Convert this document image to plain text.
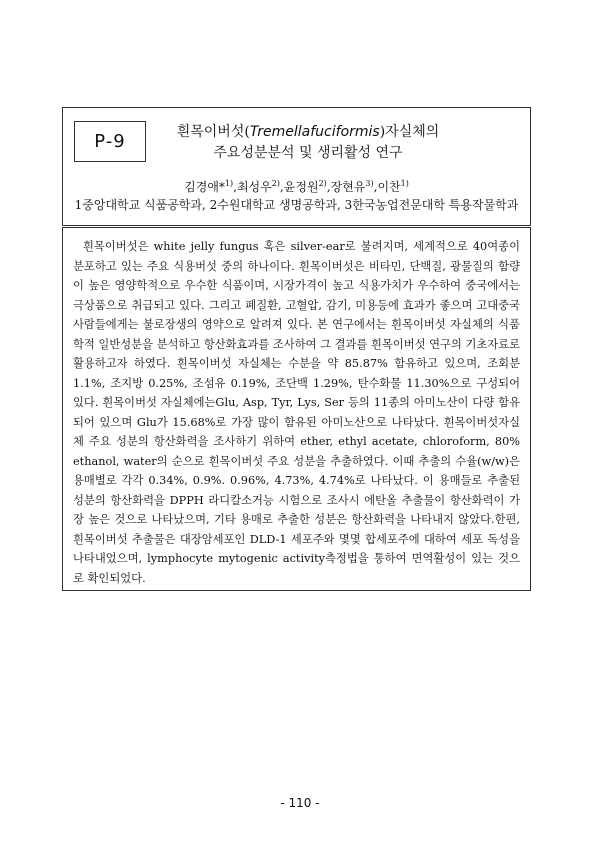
P-9	흰목이버섯(Tremellafuciformis)자실체의
주요성분분석 및 생리활성 연구
김경애*$^{1)}$,최성우$^{2)}$,윤정원$^{2)}$,장현유$^{3)}$,이찬$^{1)}$
1중앙대학교 식품공학과, 2수원대학교 생명공학과, 3한국농업전문대학 특용작물학과

흰목이버섯은 white jelly fungus 혹은 silver-ear로 불려지며, 세계적으로 40여종이 분포하고 있는 주요 식용버섯 중의 하나이다. 흰목이버섯은 비타민, 단백질, 광물질의 함량이 높은 영양학적으로 우수한 식품이며, 시장가격이 높고 식용가치가 우수하여 중국에서는 극상품으로 취급되고 있다. 그리고 폐질환, 고혈압, 감기, 미용등에 효과가 좋으며 고대중국사람들에게는 불로장생의 영약으로 알려져 있다. 본 연구에서는 흰목이버섯 자실체의 식품학적 일반성분을 분석하고 항산화효과를 조사하여 그 결과를 흰목이버섯 연구의 기초자료로 활용하고자 하였다. 흰목이버섯 자실체는 수분을 약 85.87% 함유하고 있으며, 조회분 1.1%, 조지방 0.25%, 조섬유 0.19%, 조단백 1.29%, 탄수화물 11.30%으로 구성되어 있다. 흰목이버섯 자실체에는Glu, Asp, Tyr, Lys, Ser 등의 11종의 아미노산이 다량 함유되어 있으며 Glu가 15.68%로 가장 많이 함유된 아미노산으로 나타났다. 흰목이버섯자실체 주요 성분의 항산화력을 조사하기 위하여 ether, ethyl acetate, chloroform, 80% ethanol, water의 순으로 흰목이버섯 주요 성분을 추출하였다. 이때 추출의 수율(w/w)은 용매별로 각각 0.34%, 0.9%. 0.96%, 4.73%, 4.74%로 나타났다. 이 용매들로 추출된 성분의 항산화력을 DPPH 라디칼소거능 시험으로 조사시 에탄올 추출물이 항산화력이 가장 높은 것으로 나타났으며, 기타 용매로 추출한 성분은 항산화력을 나타내지 않았다.한편, 흰목이버섯 추출물은 대장암세포인 DLD-1 세포주와 몇몇 합세포주에 대하여 세포 독성을 나타내었으며, lymphocyte mytogenic activity측정법을 통하여 면역활성이 있는 것으로 확인되었다.

- 110 -
